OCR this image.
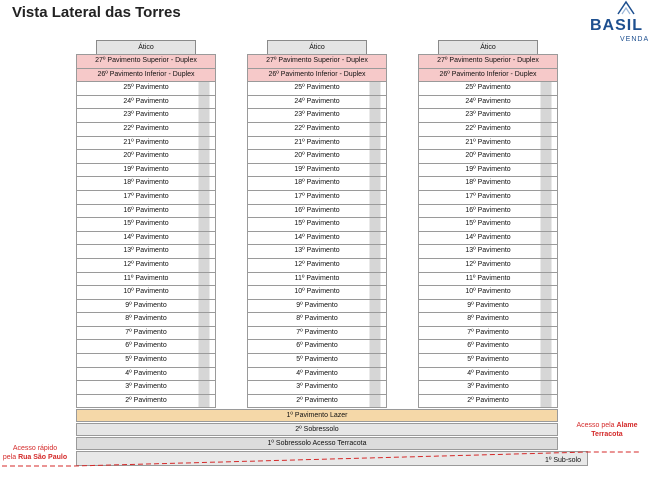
Vista Lateral das Torres
BASIL
VENDA
Ático
27º Pavimento Superior - Duplex
26º Pavimento Inferior - Duplex
25º Pavimento
24º Pavimento
23º Pavimento
22º Pavimento
21º Pavimento
20º Pavimento
19º Pavimento
18º Pavimento
17º Pavimento
16º Pavimento
15º Pavimento
14º Pavimento
13º Pavimento
12º Pavimento
11º Pavimento
10º Pavimento
9º Pavimento
8º Pavimento
7º Pavimento
6º Pavimento
5º Pavimento
4º Pavimento
3º Pavimento
2º Pavimento
Ático
27º Pavimento Superior - Duplex
26º Pavimento Inferior - Duplex
25º Pavimento
24º Pavimento
23º Pavimento
22º Pavimento
21º Pavimento
20º Pavimento
19º Pavimento
18º Pavimento
17º Pavimento
16º Pavimento
15º Pavimento
14º Pavimento
13º Pavimento
12º Pavimento
11º Pavimento
10º Pavimento
9º Pavimento
8º Pavimento
7º Pavimento
6º Pavimento
5º Pavimento
4º Pavimento
3º Pavimento
2º Pavimento
Ático
27º Pavimento Superior - Duplex
26º Pavimento Inferior - Duplex
25º Pavimento
24º Pavimento
23º Pavimento
22º Pavimento
21º Pavimento
20º Pavimento
19º Pavimento
18º Pavimento
17º Pavimento
16º Pavimento
15º Pavimento
14º Pavimento
13º Pavimento
12º Pavimento
11º Pavimento
10º Pavimento
9º Pavimento
8º Pavimento
7º Pavimento
6º Pavimento
5º Pavimento
4º Pavimento
3º Pavimento
2º Pavimento
1º Pavimento Lazer
2º Sobressolo
1º Sobressolo Acesso Terracota
1º Sub-solo
Acesso rápido
pela Rua São Paulo
Acesso pela Alame
Terracota
